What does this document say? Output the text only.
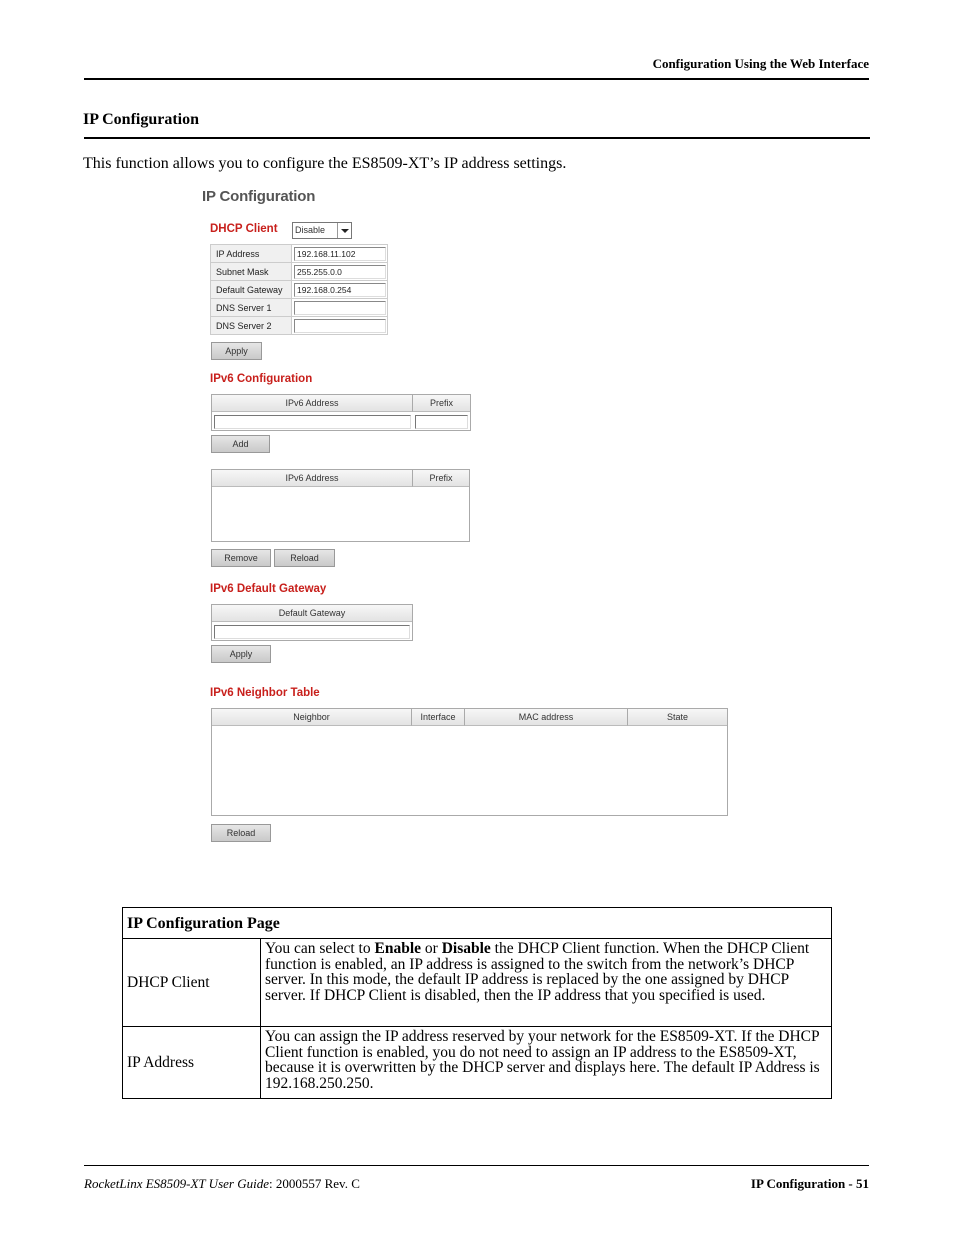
Configuration Using the Web Interface
IP Configuration
This function allows you to configure the ES8509-XT’s IP address settings.
IP Configuration
DHCP Client	Disable
IP Address	192.168.11.102

Subnet Mask	255.255.0.0

Default Gateway	192.168.0.254

DNS Server 1	

DNS Server 2	
Apply
IPv6 Configuration
IPv6 Address	Prefix
Add
IPv6 Address	Prefix
Remove	Reload
IPv6 Default Gateway
Default Gateway
Apply
IPv6 Neighbor Table
Neighbor	Interface	MAC address	State
Reload
IP Configuration Page	
DHCP Client	You can select to Enable or Disable the DHCP Client function. When the DHCP Client function is enabled, an IP address is assigned to the switch from the network’s DHCP server. In this mode, the default IP address is replaced by the one assigned by DHCP server. If DHCP Client is disabled, then the IP address that you specified is used.
IP Address	You can assign the IP address reserved by your network for the ES8509-XT. If the DHCP Client function is enabled, you do not need to assign an IP address to the ES8509-XT, because it is overwritten by the DHCP server and displays here. The default IP Address is 192.168.250.250.
RocketLinx ES8509-XT User Guide: 2000557 Rev. C	IP Configuration - 51
